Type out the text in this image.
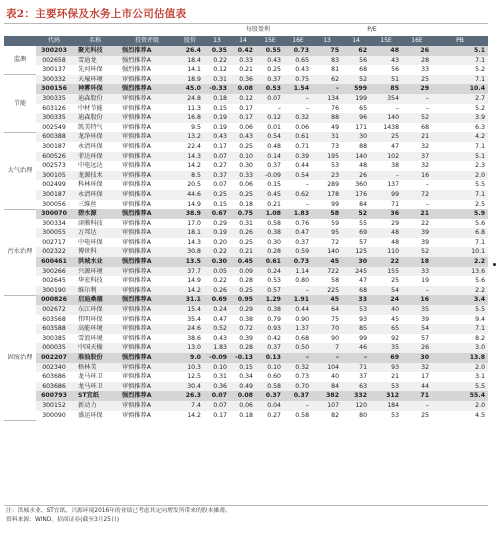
表2：主要环保及水务上市公司估值表
					每股盈利				P/E				
	代码	名称	投资评级	股价	13	14	15E	16E	13	14	15E	16E	PB
监测	300203	聚光科技	强烈推荐A	26.4	0.35	0.42	0.55	0.73	75	62	48	26	5.1
	002658	雪迪龙	强烈推荐A	18.4	0.22	0.33	0.43	0.65	83	56	43	28	7.1
	300137	先河环保	强烈推荐A	14.1	0.12	0.21	0.25	0.43	81	68	56	33	5.2
节能	300332	天壕环境	审慎推荐A	18.9	0.31	0.36	0.37	0.75	62	52	51	25	7.1
	300156	神雾环保	强烈推荐A	45.0	-0.33	0.08	0.53	1.54	–	599	85	29	10.4
	300335	迪森股份	审慎推荐A	24.8	0.18	0.12	0.07	–	134	199	354	–	2.7
	603126	中材节能	审慎推荐A	11.3	0.15	0.17	–	–	76	65	–	–	5.2
	300335	迪森股份	审慎推荐A	16.8	0.19	0.17	0.12	0.32	88	96	140	52	3.9
	002549	凯美特气	审慎推荐A	9.5	0.19	0.06	0.01	0.06	49	171	1438	68	6.3
大气治理	600388	龙净环保	审慎推荐A	13.2	0.43	0.43	0.54	0.61	31	30	25	21	4.2
	300187	永清环保	审慎推荐A	22.4	0.17	0.25	0.48	0.71	73	88	47	32	7.1
	600526	菲达环保	审慎推荐A	14.3	0.07	0.10	0.14	0.39	195	140	102	37	5.1
	002573	中电远达	审慎推荐A	14.2	0.27	0.30	0.37	0.44	53	48	38	32	2.3
	300105	龙源技术	审慎推荐A	8.5	0.37	0.33	-0.09	0.54	23	26	–	16	2.0
	002499	科林环保	审慎推荐A	20.5	0.07	0.06	0.15	–	289	360	137	–	5.5
	300187	永清环保	审慎推荐A	44.6	0.25	0.25	0.45	0.62	178	176	99	72	7.1
	300056	三维丝	审慎推荐A	14.9	0.15	0.18	0.21	–	99	84	71	–	2.5
污水治理	300070	碧水源	强烈推荐A	38.9	0.67	0.75	1.08	1.83	58	52	36	21	5.9
	300334	津膜科技	审慎推荐A	17.0	0.29	0.31	0.58	0.76	59	55	29	22	5.6
	300055	万邦达	审慎推荐A	18.1	0.19	0.26	0.38	0.47	95	69	48	39	6.8
	002717	中电环保	审慎推荐A	14.3	0.20	0.25	0.30	0.37	72	57	48	39	7.1
	002322	博世科	审慎推荐A	30.8	0.22	0.21	0.28	0.59	140	125	110	52	10.1
	600461	洪城水业	强烈推荐A	13.5	0.30	0.45	0.61	0.73	45	30	22	18	2.2
	300266	兴源环境	审慎推荐A	37.7	0.05	0.09	0.24	1.14	722	245	155	33	13.6
	002645	华宏科技	审慎推荐A	14.9	0.22	0.28	0.53	0.80	58	47	25	19	5.6
	300190	维尔利	审慎推荐A	14.2	0.26	0.25	0.57	–	225	68	54	–	2.2
固废治理	000826	启迪桑德	强烈推荐A	31.1	0.69	0.95	1.29	1.91	45	33	24	16	3.4
	002672	东江环保	审慎推荐A	15.4	0.24	0.29	0.38	0.44	64	53	40	35	5.5
	603568	伟明环保	审慎推荐A	35.4	0.47	0.38	0.79	0.90	75	93	45	39	9.4
	603588	高能环境	审慎推荐A	24.6	0.52	0.72	0.93	1.37	70	85	65	54	7.1
	300385	雪浪环境	审慎推荐A	38.6	0.43	0.39	0.42	0.68	90	99	92	57	8.2
	000035	中国天楹	审慎推荐A	13.0	1.83	0.28	0.37	0.50	7	46	35	26	3.0
	002207	准油股份	强烈推荐A	9.0	-0.09	-0.13	0.13	–	–	–	69	30	13.8
	002340	格林美	审慎推荐A	10.3	0.10	0.15	0.10	0.32	104	71	93	32	2.0
	603686	龙马环卫	审慎推荐A	12.5	0.31	0.34	0.60	0.73	40	37	21	17	3.1
	603686	龙马环卫	审慎推荐A	30.4	0.36	0.49	0.58	0.70	84	63	53	44	5.5
	600793	ST宜纸	强烈推荐A	26.3	0.07	0.08	0.37	0.37	382	332	312	71	55.4
	300152	新动力	审慎推荐A	7.4	0.07	0.06	0.04	–	107	120	184	–	2.0
	300090	盛运环保	审慎推荐A	14.2	0.17	0.18	0.27	0.58	82	80	53	25	4.5
注：洪城水业、ST宜纸、兴源环境2016年的业绩已考虑其定向增发所带来的股本摊薄。
资料来源：WIND，招商证券(截至3月25日)
